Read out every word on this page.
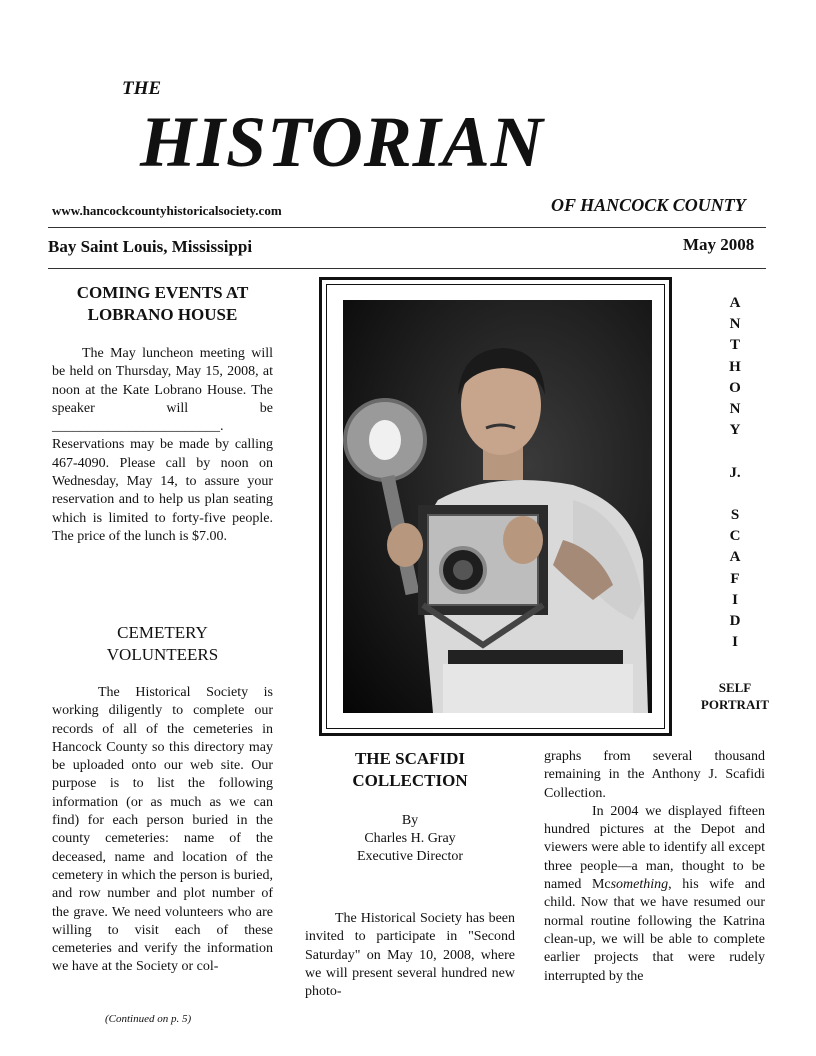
THE
HISTORIAN
www.hancockcountyhistoricalsociety.com	OF HANCOCK COUNTY
Bay Saint Louis, Mississippi	May 2008
COMING EVENTS AT
LOBRANO HOUSE

The May luncheon meeting will be held on Thursday, May 15, 2008, at noon at the Kate Lobrano House. The speaker will be ________________________. Reservations may be made by calling 467-4090. Please call by noon on Wednesday, May 14, to assure your reservation and to help us plan seating which is limited to forty-five people. The price of the lunch is $7.00.

CEMETERY
VOLUNTEERS

The Historical Society is working diligently to complete our records of all of the cemeteries in Hancock County so this directory may be uploaded onto our web site. Our purpose is to list the following information (or as much as we can find) for each person buried in the county cemeteries: name of the deceased, name and location of the cemetery in which the person is buried, and row number and plot number of the grave. We need volunteers who are willing to visit each of these cemeteries and verify the information we have at the Society or col-

(Continued on p. 5)
A
N
T
H
O
N
Y

J.

S
C
A
F
I
D
I
SELF
PORTRAIT
THE SCAFIDI
COLLECTION
By
Charles H. Gray
Executive Director

The Historical Society has been invited to participate in "Second Saturday" on May 10, 2008, where we will present several hundred new photo-

graphs from several thousand remaining in the Anthony J. Scafidi Collection.

In 2004 we displayed fifteen hundred pictures at the Depot and viewers were able to identify all except three people—a man, thought to be named Mcsomething, his wife and child. Now that we have resumed our normal routine following the Katrina clean-up, we will be able to complete earlier projects that were rudely interrupted by the
